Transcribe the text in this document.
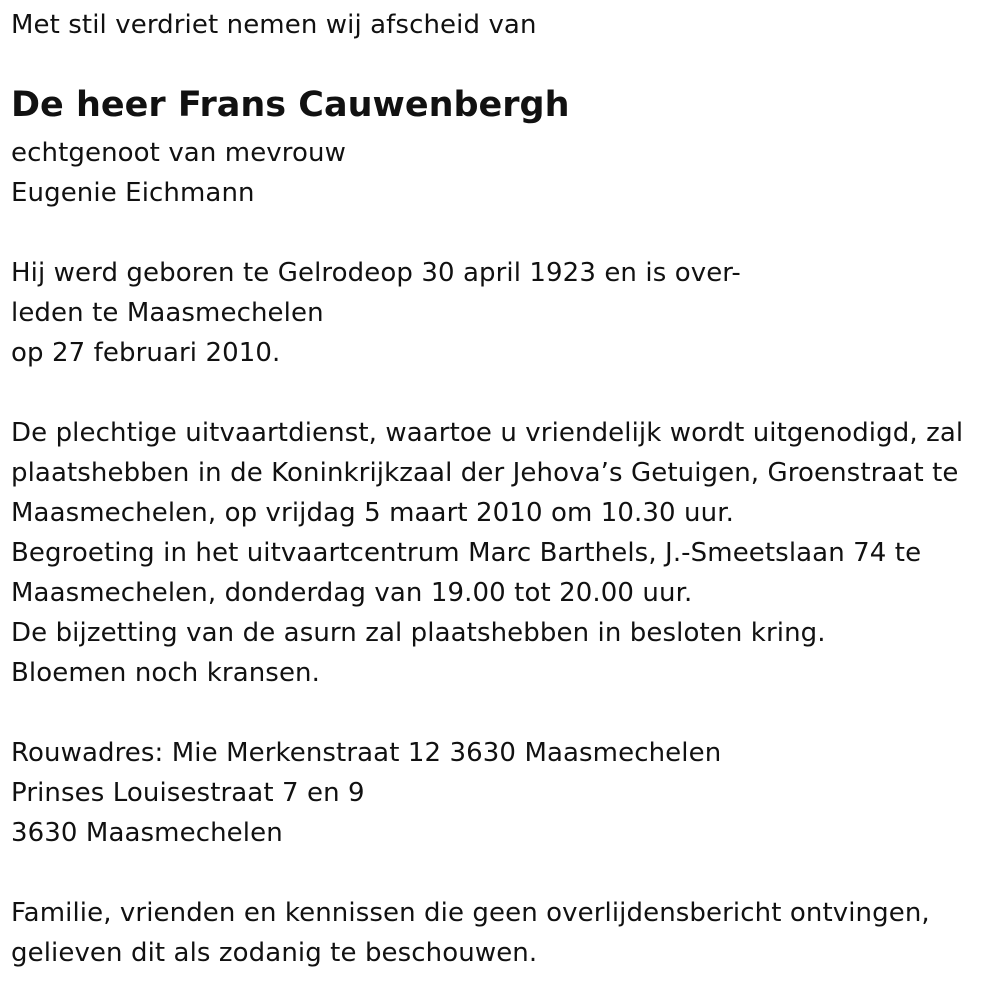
Met stil verdriet nemen wij afscheid van
De heer Frans Cauwenbergh
echtgenoot van mevrouw
Eugenie Eichmann
Hij werd geboren te Gelrodeop 30 april 1923 en is over-
leden te Maasmechelen
op 27 februari 2010.
De plechtige uitvaartdienst, waartoe u vriendelijk wordt uitgenodigd, zal
plaatshebben in de Koninkrijkzaal der Jehova’s Getuigen, Groenstraat te
Maasmechelen, op vrijdag 5 maart 2010 om 10.30 uur.
Begroeting in het uitvaartcentrum Marc Barthels, J.-Smeetslaan 74 te
Maasmechelen, donderdag van 19.00 tot 20.00 uur.
De bijzetting van de asurn zal plaatshebben in besloten kring.
Bloemen noch kransen.
Rouwadres: Mie Merkenstraat 12 3630 Maasmechelen
Prinses Louisestraat 7 en 9
3630 Maasmechelen
Familie, vrienden en kennissen die geen overlijdensbericht ontvingen,
gelieven dit als zodanig te beschouwen.
